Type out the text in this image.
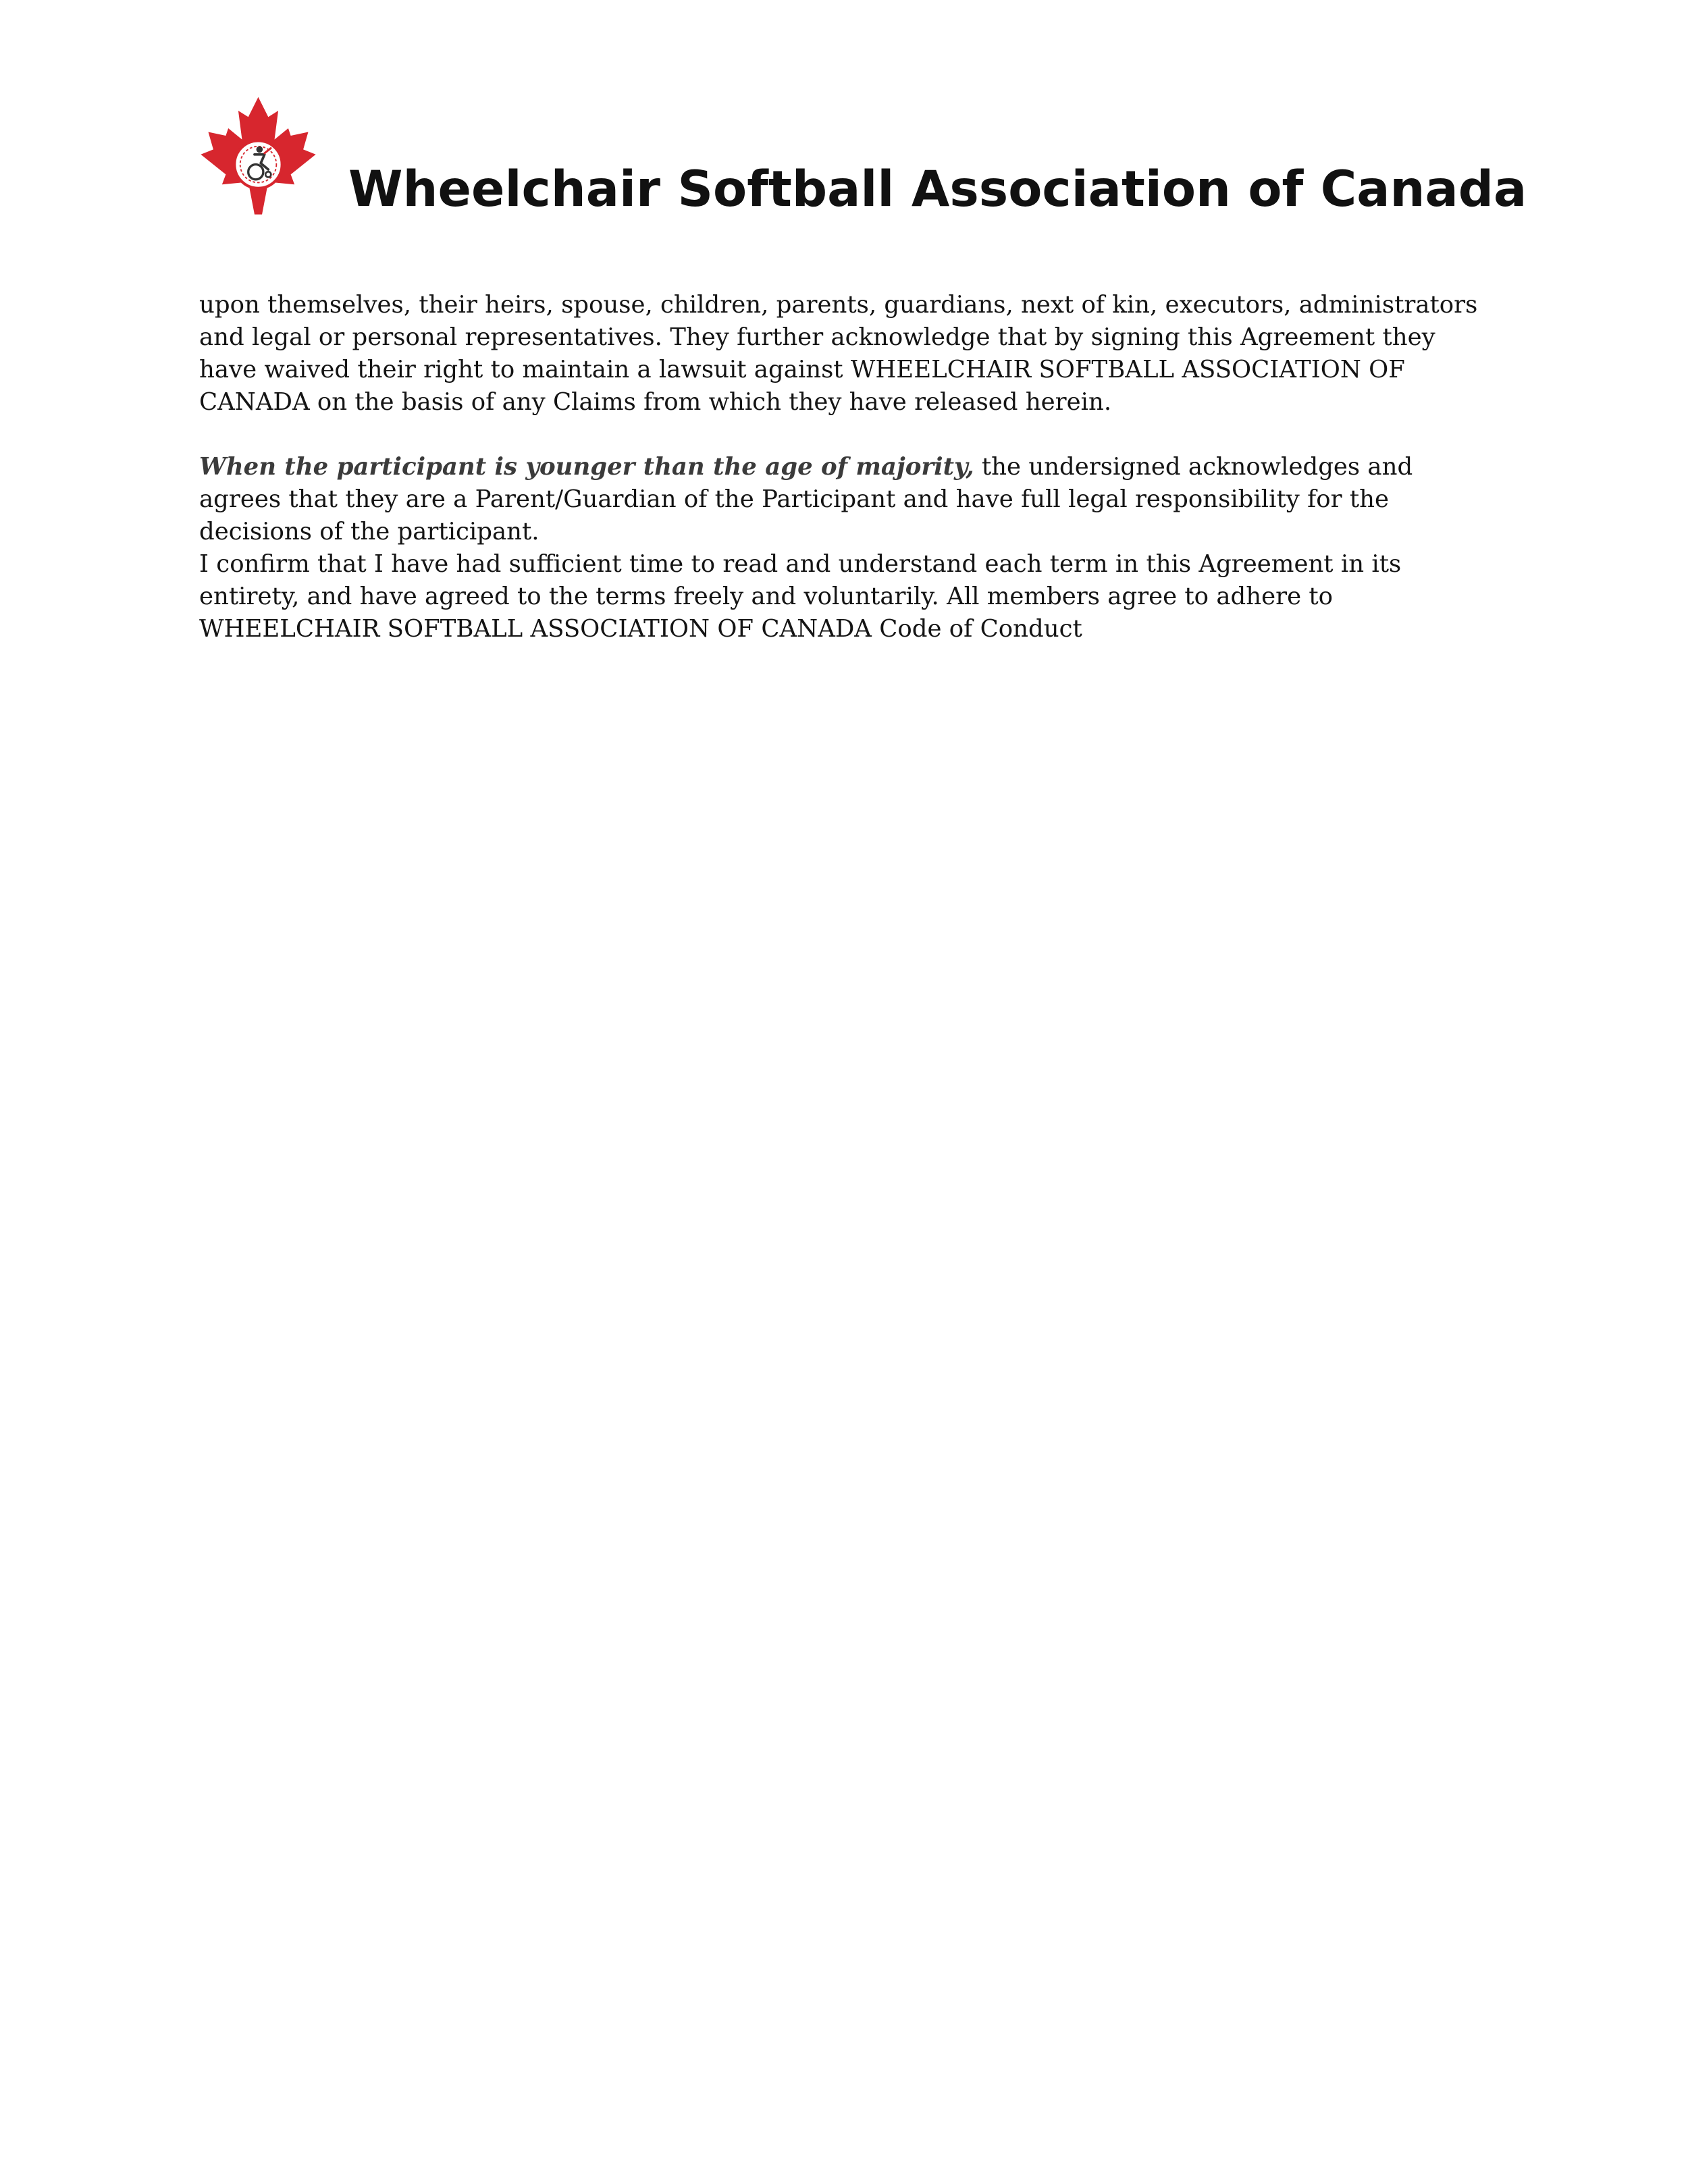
Wheelchair Softball Association of Canada

upon themselves, their heirs, spouse, children, parents, guardians, next of kin, executors, administrators and legal or personal representatives. They further acknowledge that by signing this Agreement they have waived their right to maintain a lawsuit against WHEELCHAIR SOFTBALL ASSOCIATION OF CANADA on the basis of any Claims from which they have released herein.

When the participant is younger than the age of majority, the undersigned acknowledges and agrees that they are a Parent/Guardian of the Participant and have full legal responsibility for the decisions of the participant.

I confirm that I have had sufficient time to read and understand each term in this Agreement in its entirety, and have agreed to the terms freely and voluntarily. All members agree to adhere to WHEELCHAIR SOFTBALL ASSOCIATION OF CANADA Code of Conduct
